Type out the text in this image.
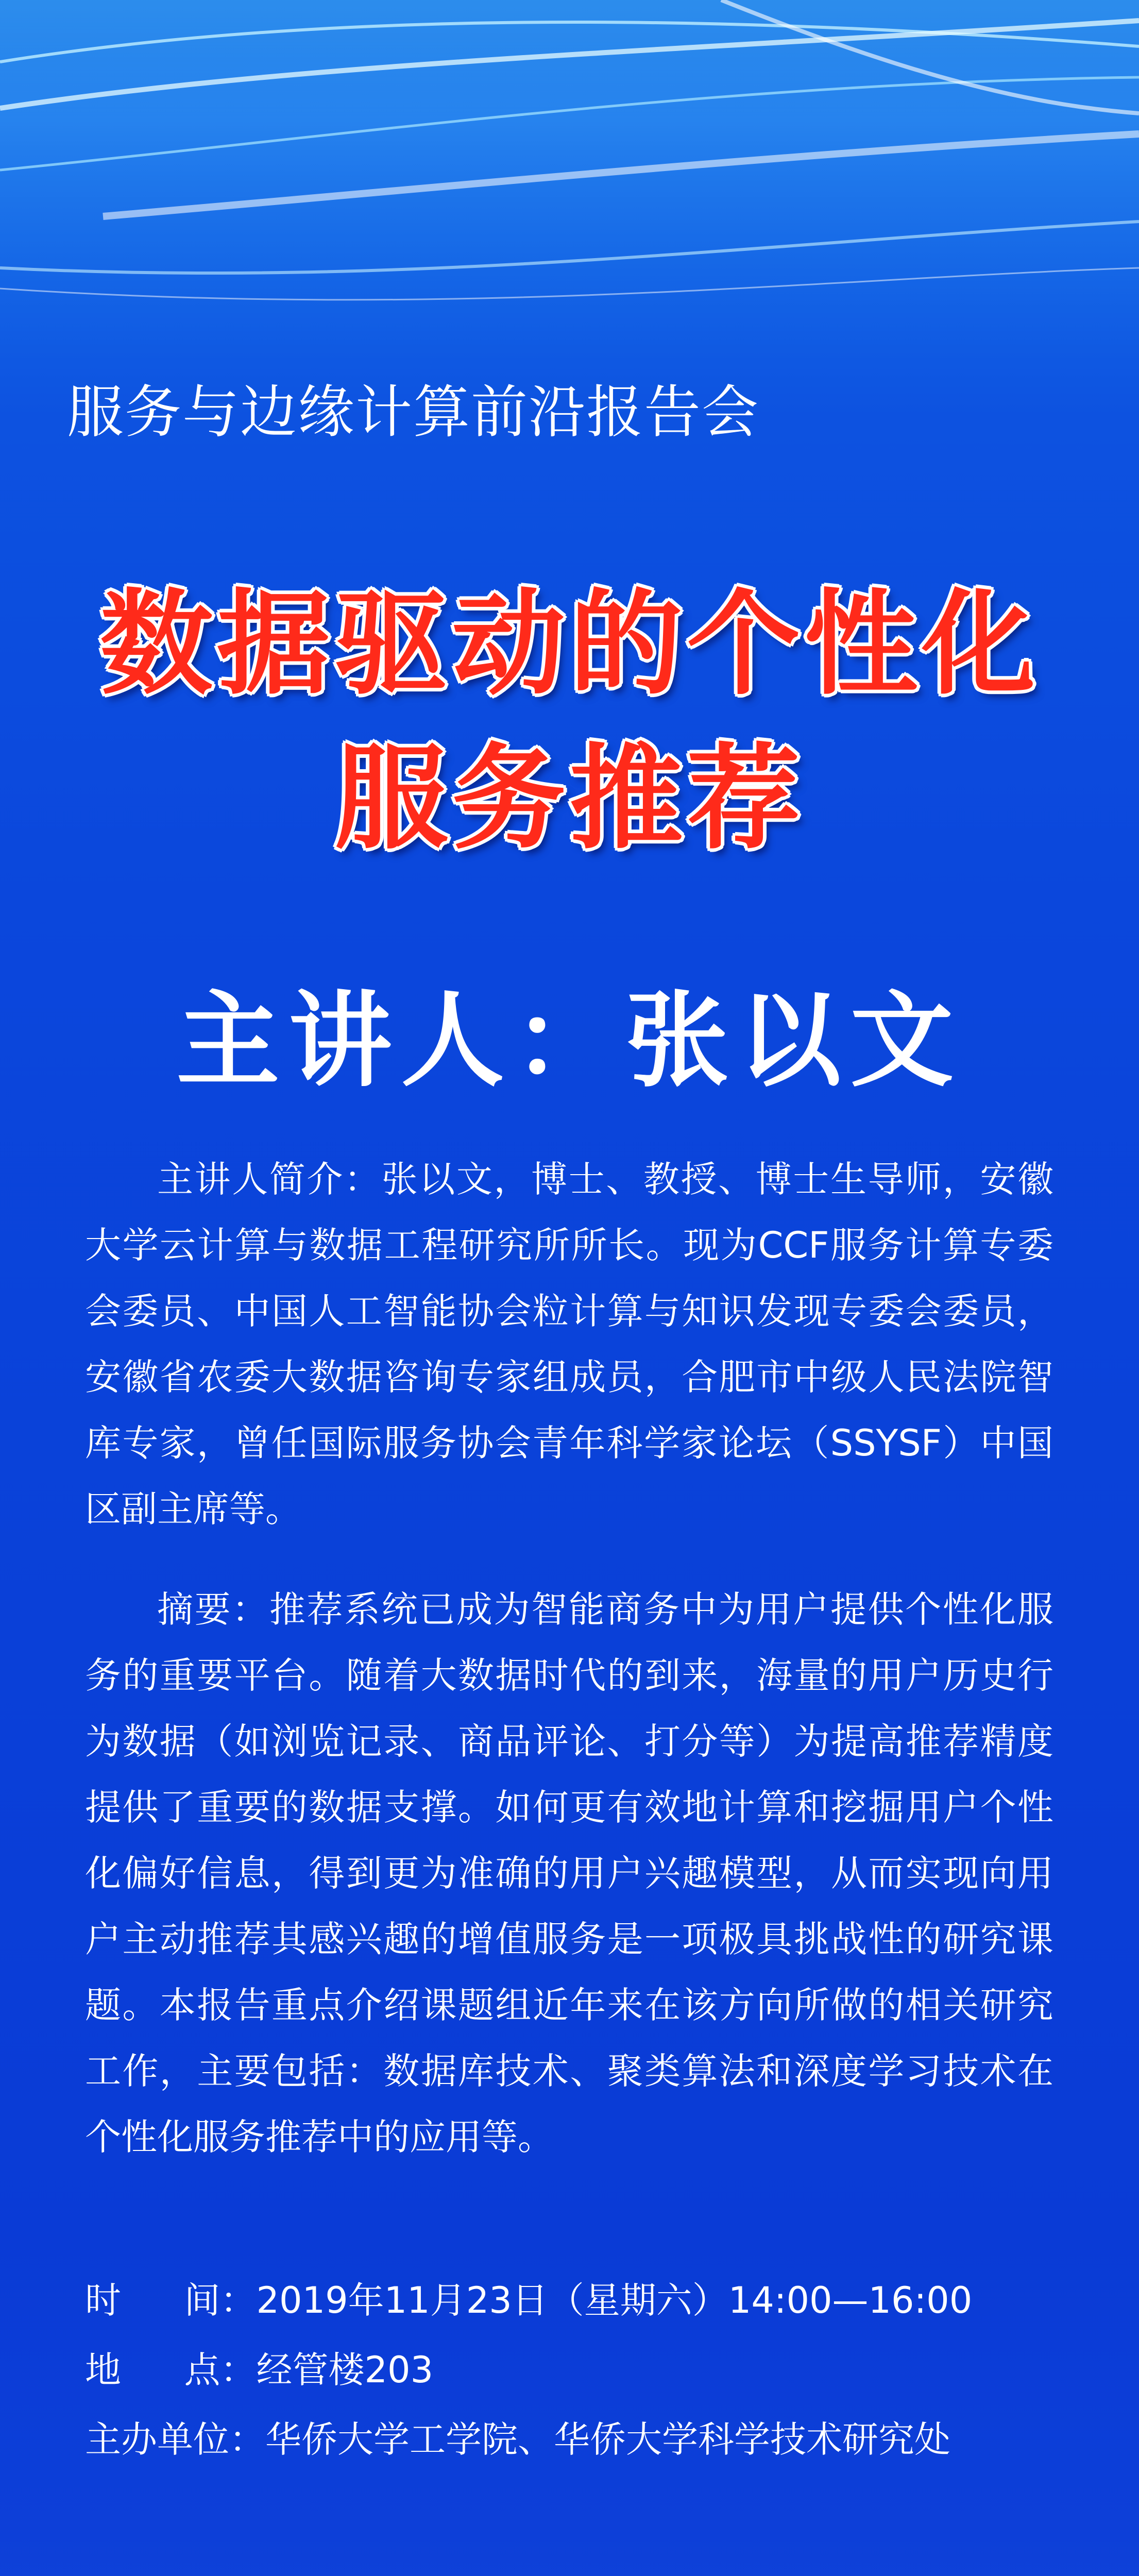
服务与边缘计算前沿报告会
数据驱动的个性化
服务推荐
主讲人：张以文
主讲人简介：张以文，博士、教授、博士生导师，安徽大学云计算与数据工程研究所所长。现为CCF服务计算专委会委员、中国人工智能协会粒计算与知识发现专委会委员，安徽省农委大数据咨询专家组成员，合肥市中级人民法院智库专家，曾任国际服务协会青年科学家论坛（SSYSF）中国区副主席等。
摘要：推荐系统已成为智能商务中为用户提供个性化服务的重要平台。随着大数据时代的到来，海量的用户历史行为数据（如浏览记录、商品评论、打分等）为提高推荐精度提供了重要的数据支撑。如何更有效地计算和挖掘用户个性化偏好信息，得到更为准确的用户兴趣模型，从而实现向用户主动推荐其感兴趣的增值服务是一项极具挑战性的研究课题。本报告重点介绍课题组近年来在该方向所做的相关研究工作，主要包括：数据库技术、聚类算法和深度学习技术在个性化服务推荐中的应用等。
时间：2019年11月23日（星期六）14:00—16:00
地点：经管楼203
主办单位：华侨大学工学院、华侨大学科学技术研究处
